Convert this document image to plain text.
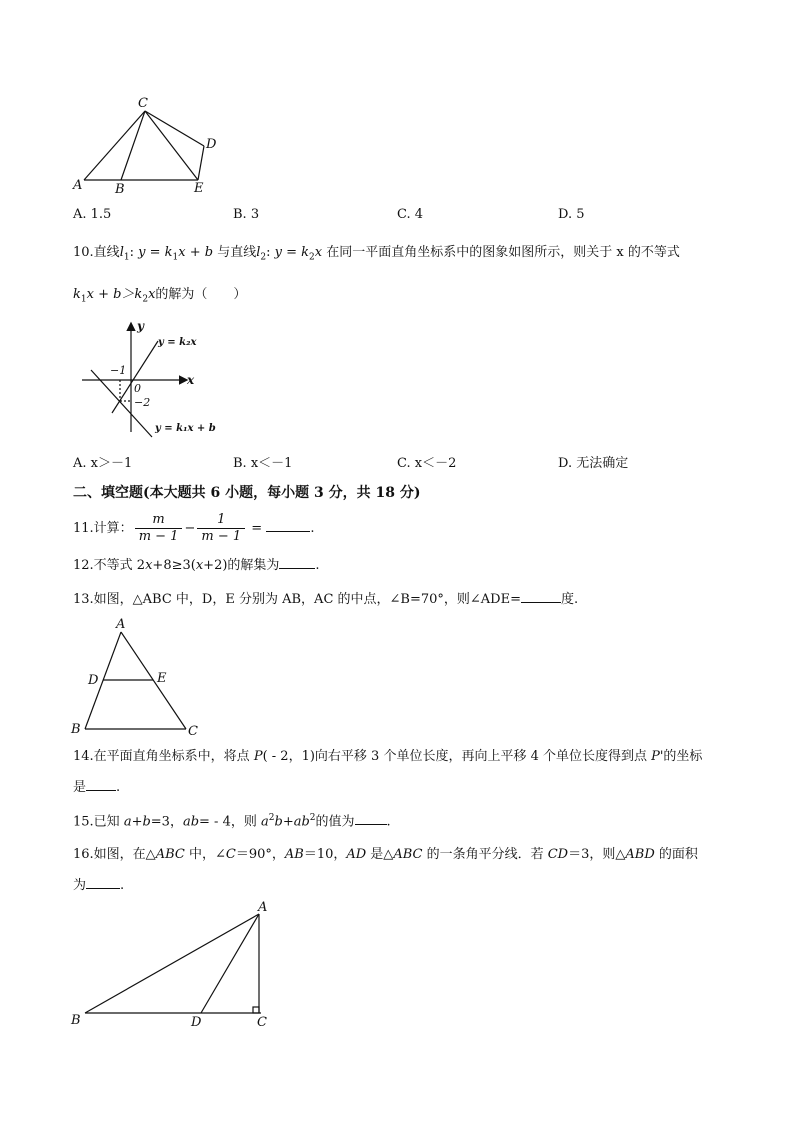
C
D
A	B	E
A. 1.5	B. 3	C. 4	D. 5
10.直线$l_1$: $y = k_1x + b$ 与直线$l_2$: $y = k_2x$ 在同一平面直角坐标系中的图象如图所示，则关于 x 的不等式
$k_1x + b>k_2x$的解为（　　）
y
x
0
−1
−2
y = k₂x
y = k₁x + b
A. x＞－1	B. x＜－1	C. x＜－2	D. 无法确定
二、填空题(本大题共 6 小题，每小题 3 分，共 18 分)
11.计算： $\frac{m}{m - 1} - \frac{1}{m - 1}$ =	.
12.不等式 2x+8≥3(x+2)的解集为	.
13.如图，△ABC 中，D，E 分别为 AB，AC 的中点，∠B=70°，则∠ADE=	度.
A
D	E
B	C
14.在平面直角坐标系中，将点 P( - 2，1)向右平移 3 个单位长度，再向上平移 4 个单位长度得到点 P'的坐标
是 .
15.已知 a+b=3，ab= - 4，则 $a^2b+ab^2$的值为 .
16.如图，在△ABC 中，∠C＝90°，AB＝10，AD 是△ABC 的一条角平分线．若 CD＝3，则△ABD 的面积
为	.
A
B	D	C
